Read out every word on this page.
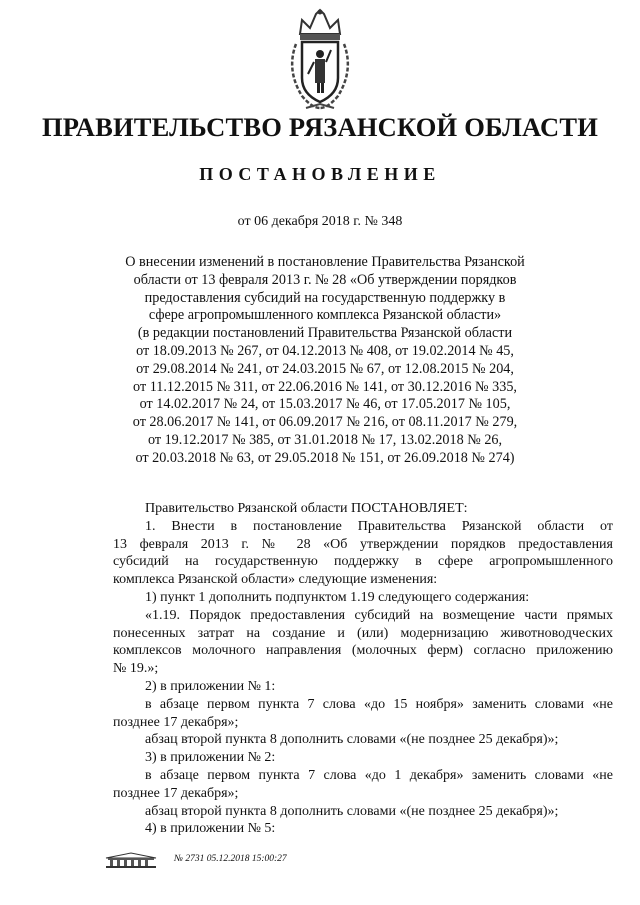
ПРАВИТЕЛЬСТВО РЯЗАНСКОЙ ОБЛАСТИ
ПОСТАНОВЛЕНИЕ
от 06 декабря 2018 г. № 348
О внесении изменений в постановление Правительства Рязанской
области от 13 февраля 2013 г. № 28 «Об утверждении порядков
предоставления субсидий на государственную поддержку в
сфере агропромышленного комплекса Рязанской области»
(в редакции постановлений Правительства Рязанской области
от 18.09.2013 № 267, от 04.12.2013 № 408, от 19.02.2014 № 45,
от 29.08.2014 № 241, от 24.03.2015 № 67, от 12.08.2015 № 204,
от 11.12.2015 № 311, от 22.06.2016 № 141, от 30.12.2016 № 335,
от 14.02.2017 № 24, от 15.03.2017 № 46, от 17.05.2017 № 105,
от 28.06.2017 № 141, от 06.09.2017 № 216, от 08.11.2017 № 279,
от 19.12.2017 № 385, от 31.01.2018 № 17, 13.02.2018 № 26,
от 20.03.2018 № 63, от 29.05.2018 № 151, от 26.09.2018 № 274)
Правительство Рязанской области ПОСТАНОВЛЯЕТ:
1. Внести в постановление Правительства Рязанской области от
13 февраля 2013 г. № 28 «Об утверждении порядков предоставления
субсидий на государственную поддержку в сфере агропромышленного
комплекса Рязанской области» следующие изменения:
1) пункт 1 дополнить подпунктом 1.19 следующего содержания:
«1.19. Порядок предоставления субсидий на возмещение части прямых
понесенных затрат на создание и (или) модернизацию животноводческих
комплексов молочного направления (молочных ферм) согласно приложению
№ 19.»;
2) в приложении № 1:
в абзаце первом пункта 7 слова «до 15 ноября» заменить словами «не
позднее 17 декабря»;
абзац второй пункта 8 дополнить словами «(не позднее 25 декабря)»;
3) в приложении № 2:
в абзаце первом пункта 7 слова «до 1 декабря» заменить словами «не
позднее 17 декабря»;
абзац второй пункта 8 дополнить словами «(не позднее 25 декабря)»;
4) в приложении № 5:
№ 2731 05.12.2018 15:00:27
